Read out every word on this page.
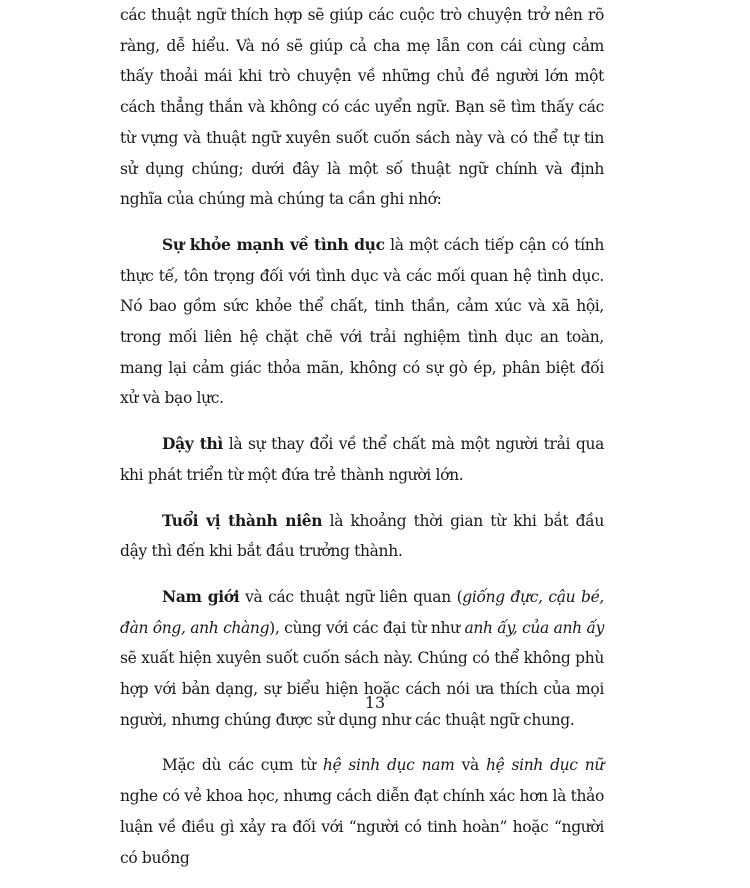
các thuật ngữ thích hợp sẽ giúp các cuộc trò chuyện trở nên rõ ràng, dễ hiểu. Và nó sẽ giúp cả cha mẹ lẫn con cái cùng cảm thấy thoải mái khi trò chuyện về những chủ đề người lớn một cách thẳng thắn và không có các uyển ngữ. Bạn sẽ tìm thấy các từ vựng và thuật ngữ xuyên suốt cuốn sách này và có thể tự tin sử dụng chúng; dưới đây là một số thuật ngữ chính và định nghĩa của chúng mà chúng ta cần ghi nhớ:

Sự khỏe mạnh về tình dục là một cách tiếp cận có tính thực tế, tôn trọng đối với tình dục và các mối quan hệ tình dục. Nó bao gồm sức khỏe thể chất, tinh thần, cảm xúc và xã hội, trong mối liên hệ chặt chẽ với trải nghiệm tình dục an toàn, mang lại cảm giác thỏa mãn, không có sự gò ép, phân biệt đối xử và bạo lực.

Dậy thì là sự thay đổi về thể chất mà một người trải qua khi phát triển từ một đứa trẻ thành người lớn.

Tuổi vị thành niên là khoảng thời gian từ khi bắt đầu dậy thì đến khi bắt đầu trưởng thành.

Nam giới và các thuật ngữ liên quan (giống đực, cậu bé, đàn ông, anh chàng), cùng với các đại từ như anh ấy, của anh ấy sẽ xuất hiện xuyên suốt cuốn sách này. Chúng có thể không phù hợp với bản dạng, sự biểu hiện hoặc cách nói ưa thích của mọi người, nhưng chúng được sử dụng như các thuật ngữ chung.

Mặc dù các cụm từ hệ sinh dục nam và hệ sinh dục nữ nghe có vẻ khoa học, nhưng cách diễn đạt chính xác hơn là thảo luận về điều gì xảy ra đối với “người có tinh hoàn” hoặc “người có buồng

13
